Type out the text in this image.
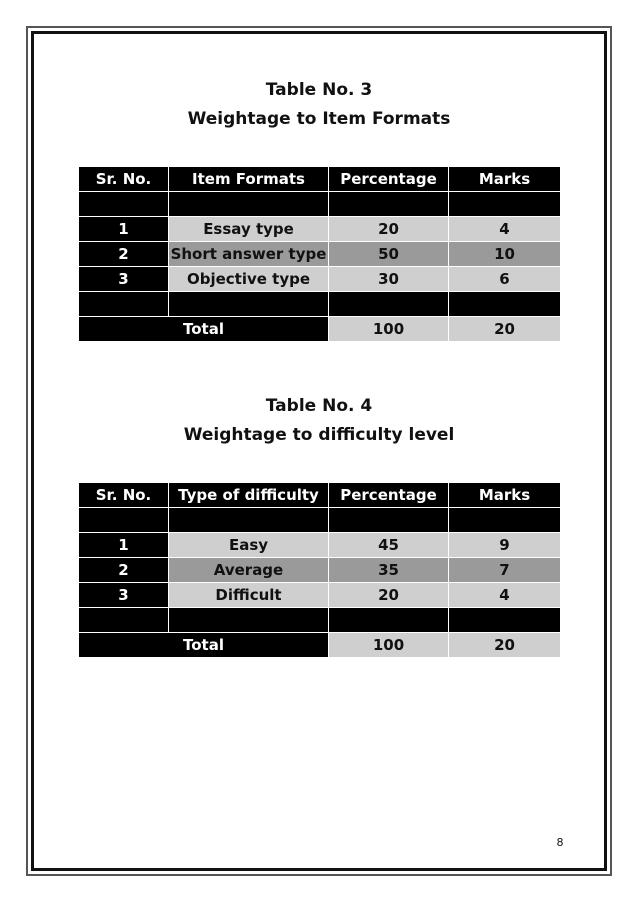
Table No. 3
Weightage to Item Formats
Sr. No.	Item Formats	Percentage	Marks

1	Essay type	20	4
2	Short answer type	50	10
3	Objective type	30	6

Total		100	20
Table No. 4
Weightage to difficulty level
Sr. No.	Type of difficulty	Percentage	Marks

1	Easy	45	9
2	Average	35	7
3	Difficult	20	4

Total		100	20
8
